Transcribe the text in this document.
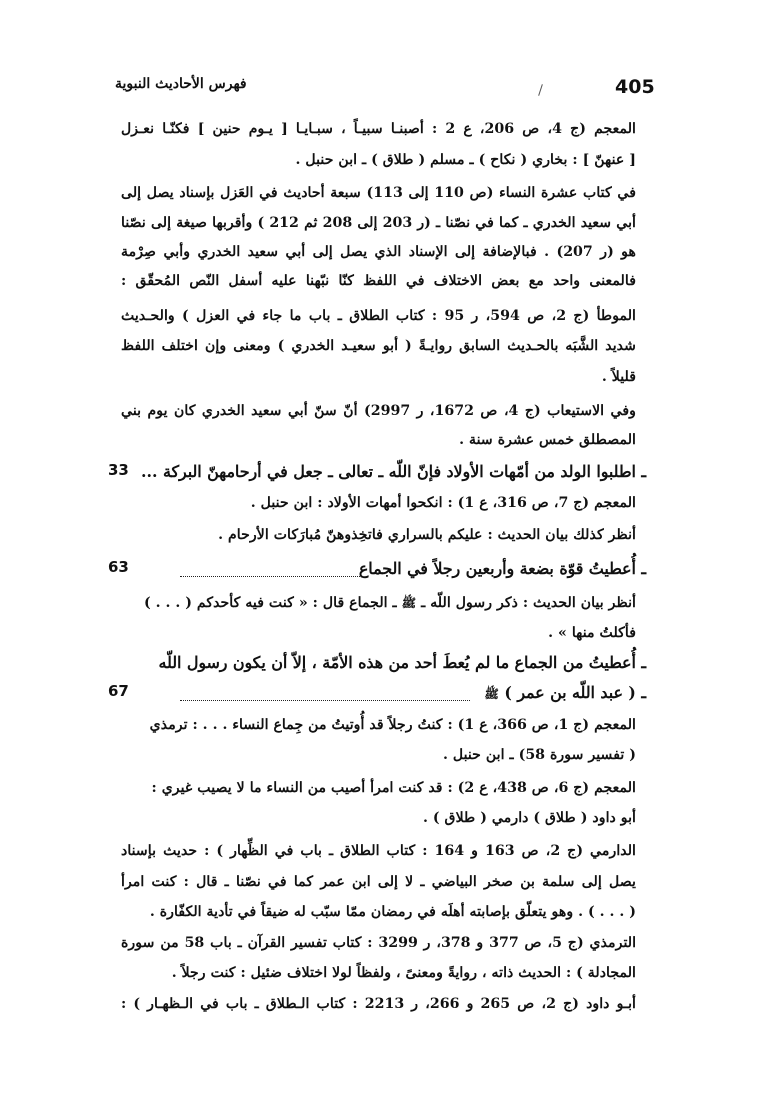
405
فهرس الأحاديث النبوية
المعجم (ج 4، ص 206، ع 2 : أصبنـا سبيـاً ، سبـايـا [ يـوم حنين ] فكنّـا نعـزل
[ عنهنّ ] : بخاري ( نكاح ) ـ مسلم ( طلاق ) ـ ابن حنبل .
في كتاب عشرة النساء (ص 110 إلى 113) سبعة أحاديث في العَزل بإسناد يصل إلى
أبي سعيد الخدري ـ كما في نصّنا ـ (ر 203 إلى 208 ثم 212 ) وأقربها صيغة إلى نصّنا
هو (ر 207) . فبالإضافة إلى الإسناد الذي يصل إلى أبي سعيد الخدري وأبي صِرْمة
فالمعنى واحد مع بعض الاختلاف في اللفظ كنّا نبّهنا عليه أسفل النّص المُحقّق :
الموطأ (ج 2، ص 594، ر 95 : كتاب الطلاق ـ باب ما جاء في العزل ) والحـديث
شديد الشَّبَه بالحـديث السابق روايـةً ( أبو سعيـد الخدري ) ومعنى وإن اختلف اللفظ
قليلاً .
وفي الاستيعاب (ج 4، ص 1672، ر 2997) أنّ سنّ أبي سعيد الخدري كان يوم بني
المصطلق خمس عشرة سنة .
ـ اطلبوا الولد من أمّهات الأولاد فإنّ اللّه ـ تعالى ـ جعل في أرحامهنّ البركة ...
33
المعجم (ج 7، ص 316، ع 1) : انكحوا أمهات الأولاد : ابن حنبل .
أنظر كذلك بيان الحديث : عليكم بالسراري فاتخِذوهنّ مُبارَكات الأرحام .
ـ أُعطيتُ قوّة بضعة وأربعين رجلاً في الجماع
63
أنظر بيان الحديث : ذكر رسول اللّه ـ ﷺ ـ الجماع قال : « كنت فيه كأحدكم ( . . . )
فأكلتُ منها » .
ـ أُعطيتُ من الجماع ما لم يُعطَ أحد من هذه الأمّة ، إلاّ أن يكون رسول اللّه
ـ ( عبد اللّه بن عمر ) ﷺ
67
المعجم (ج 1، ص 366، ع 1) : كنتُ رجلاً قد أُوتيتُ من جِماع النساء . . . : ترمذي
( تفسير سورة 58) ـ ابن حنبل .
المعجم (ج 6، ص 438، ع 2) : قد كنت امرأ أصيب من النساء ما لا يصيب غيري :
أبو داود ( طلاق ) دارمي ( طلاق ) .
الدارمي (ج 2، ص 163 و 164 : كتاب الطلاق ـ باب في الظِّهار ) : حديث بإسناد
يصل إلى سلمة بن صخر البياضي ـ لا إلى ابن عمر كما في نصّنا ـ قال : كنت امرأ
( . . . ) . وهو يتعلّق بإصابته أهلَه في رمضان ممّا سبّب له ضيقاً في تأدية الكفّارة .
الترمذي (ج 5، ص 377 و 378، ر 3299 : كتاب تفسير القرآن ـ باب 58 من سورة
المجادلة ) : الحديث ذاته ، روايةً ومعنىً ، ولفظاً لولا اختلاف ضئيل : كنت رجلاً .
أبـو داود (ج 2، ص 265 و 266، ر 2213 : كتاب الـطلاق ـ باب في الـظهـار ) :
